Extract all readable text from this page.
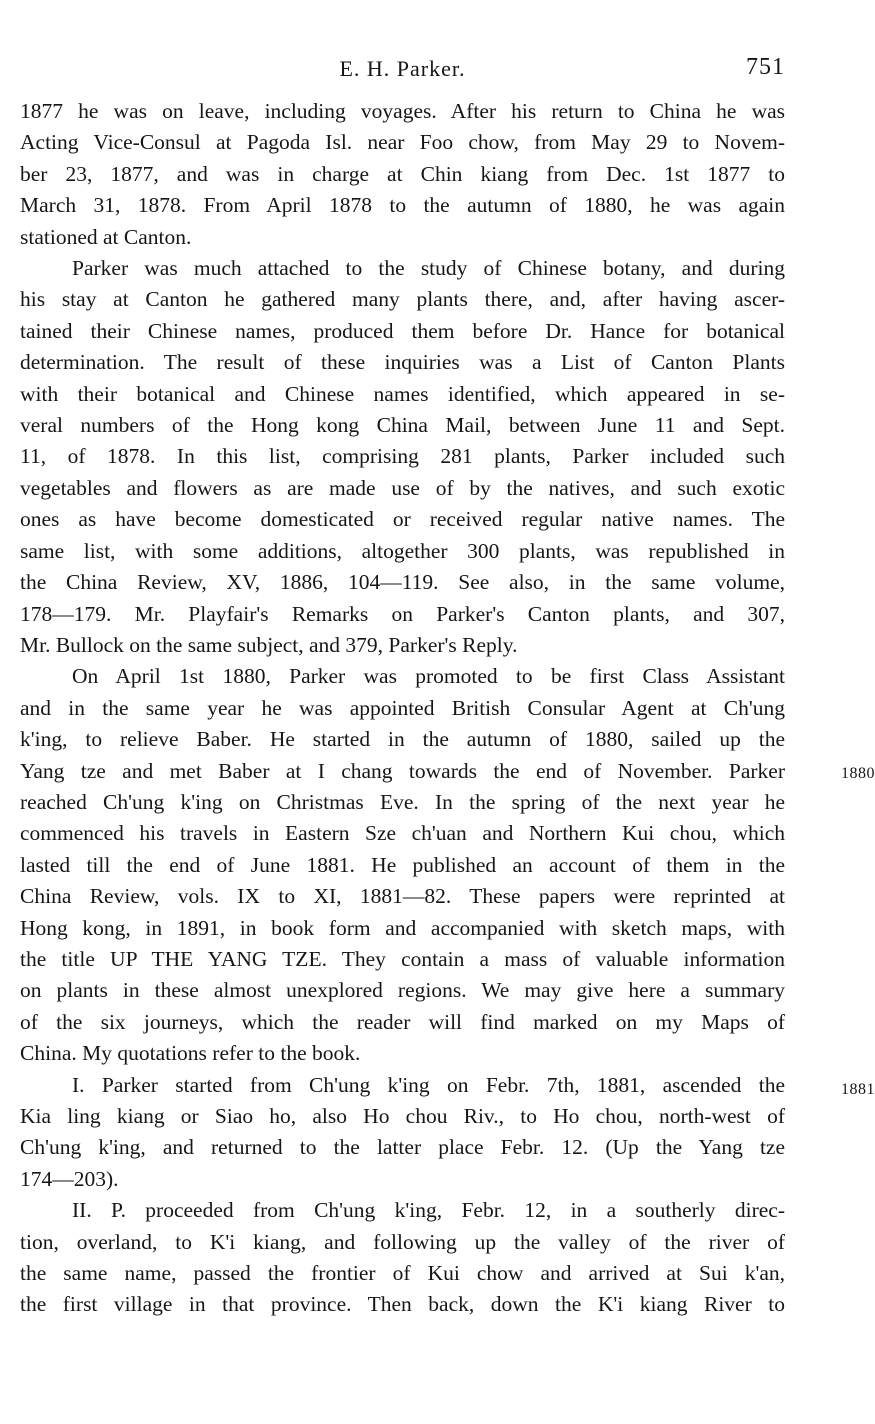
E. H. Parker.	751

1877 he was on leave, including voyages. After his return to China he was
Acting Vice-Consul at Pagoda Isl. near Foo chow, from May 29 to Novem-
ber 23, 1877, and was in charge at Chin kiang from Dec. 1st 1877 to
March 31, 1878. From April 1878 to the autumn of 1880, he was again
stationed at Canton.

Parker was much attached to the study of Chinese botany, and during
his stay at Canton he gathered many plants there, and, after having ascer-
tained their Chinese names, produced them before Dr. Hance for botanical
determination. The result of these inquiries was a List of Canton Plants
with their botanical and Chinese names identified, which appeared in se-
veral numbers of the Hong kong China Mail, between June 11 and Sept.
11, of 1878. In this list, comprising 281 plants, Parker included such
vegetables and flowers as are made use of by the natives, and such exotic
ones as have become domesticated or received regular native names. The
same list, with some additions, altogether 300 plants, was republished in
the China Review, XV, 1886, 104—119. See also, in the same volume,
178—179. Mr. Playfair's Remarks on Parker's Canton plants, and 307,
Mr. Bullock on the same subject, and 379, Parker's Reply.

On April 1st 1880, Parker was promoted to be first Class Assistant
and in the same year he was appointed British Consular Agent at Ch'ung
k'ing, to relieve Baber. He started in the autumn of 1880, sailed up the
Yang tze and met Baber at I chang towards the end of November. Parker
reached Ch'ung k'ing on Christmas Eve. In the spring of the next year he
commenced his travels in Eastern Sze ch'uan and Northern Kui chou, which
lasted till the end of June 1881. He published an account of them in the
China Review, vols. IX to XI, 1881—82. These papers were reprinted at
Hong kong, in 1891, in book form and accompanied with sketch maps, with
the title UP THE YANG TZE. They contain a mass of valuable information
on plants in these almost unexplored regions. We may give here a summary
of the six journeys, which the reader will find marked on my Maps of
China. My quotations refer to the book.
1880

I. Parker started from Ch'ung k'ing on Febr. 7th, 1881, ascended the
Kia ling kiang or Siao ho, also Ho chou Riv., to Ho chou, north-west of
Ch'ung k'ing, and returned to the latter place Febr. 12. (Up the Yang tze
174—203).
1881

II. P. proceeded from Ch'ung k'ing, Febr. 12, in a southerly direc-
tion, overland, to K'i kiang, and following up the valley of the river of
the same name, passed the frontier of Kui chow and arrived at Sui k'an,
the first village in that province. Then back, down the K'i kiang River to
